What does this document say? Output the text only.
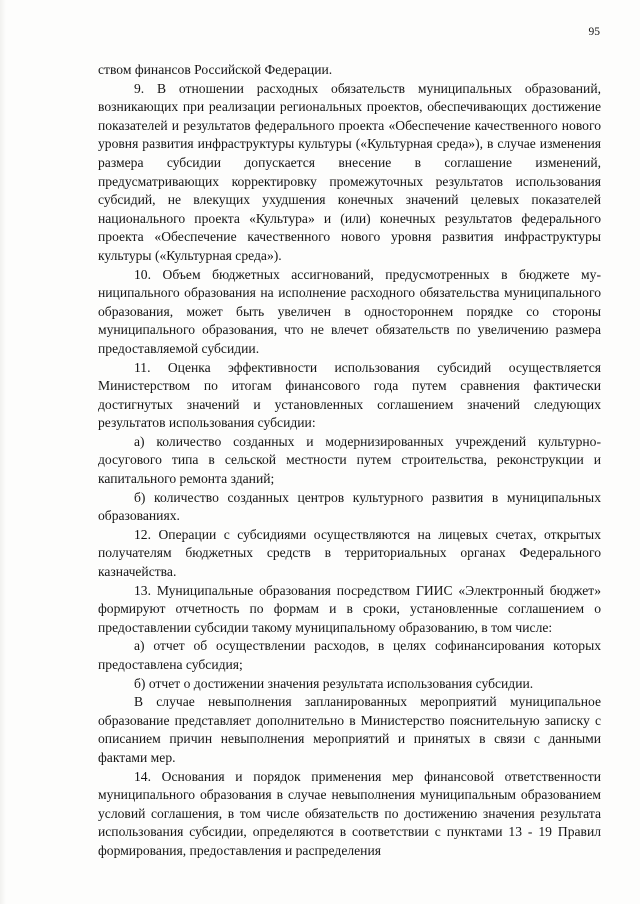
95

ством финансов Российской Федерации.

9. В отношении расходных обязательств муниципальных образований, возникающих при реализации региональных проектов, обеспечивающих достижение показателей и результатов федерального проекта «Обеспечение качественного нового уровня развития инфраструктуры культуры («Культурная среда»), в случае изменения размера субсидии допускается внесение в соглашение изменений, предусматривающих корректировку промежуточных результатов использования субсидий, не влекущих ухудшения конечных значений целевых показателей национального проекта «Культура» и (или) конечных результатов федерального проекта «Обеспечение качественного нового уровня развития инфраструктуры культуры («Культурная среда»).

10. Объем бюджетных ассигнований, предусмотренных в бюджете муниципального образования на исполнение расходного обязательства муниципального образования, может быть увеличен в одностороннем порядке со стороны муниципального образования, что не влечет обязательств по увеличению размера предоставляемой субсидии.

11. Оценка эффективности использования субсидий осуществляется Министерством по итогам финансового года путем сравнения фактически достигнутых значений и установленных соглашением значений следующих результатов использования субсидии:

а) количество созданных и модернизированных учреждений культурно-досугового типа в сельской местности путем строительства, реконструкции и капитального ремонта зданий;

б) количество созданных центров культурного развития в муниципальных образованиях.

12. Операции с субсидиями осуществляются на лицевых счетах, открытых получателям бюджетных средств в территориальных органах Федерального казначейства.

13. Муниципальные образования посредством ГИИС «Электронный бюджет» формируют отчетность по формам и в сроки, установленные соглашением о предоставлении субсидии такому муниципальному образованию, в том числе:

а) отчет об осуществлении расходов, в целях софинансирования которых предоставлена субсидия;

б) отчет о достижении значения результата использования субсидии.

В случае невыполнения запланированных мероприятий муниципальное образование представляет дополнительно в Министерство пояснительную записку с описанием причин невыполнения мероприятий и принятых в связи с данными фактами мер.

14. Основания и порядок применения мер финансовой ответственности муниципального образования в случае невыполнения муниципальным образованием условий соглашения, в том числе обязательств по достижению значения результата использования субсидии, определяются в соответствии с пунктами 13 - 19 Правил формирования, предоставления и распределения
